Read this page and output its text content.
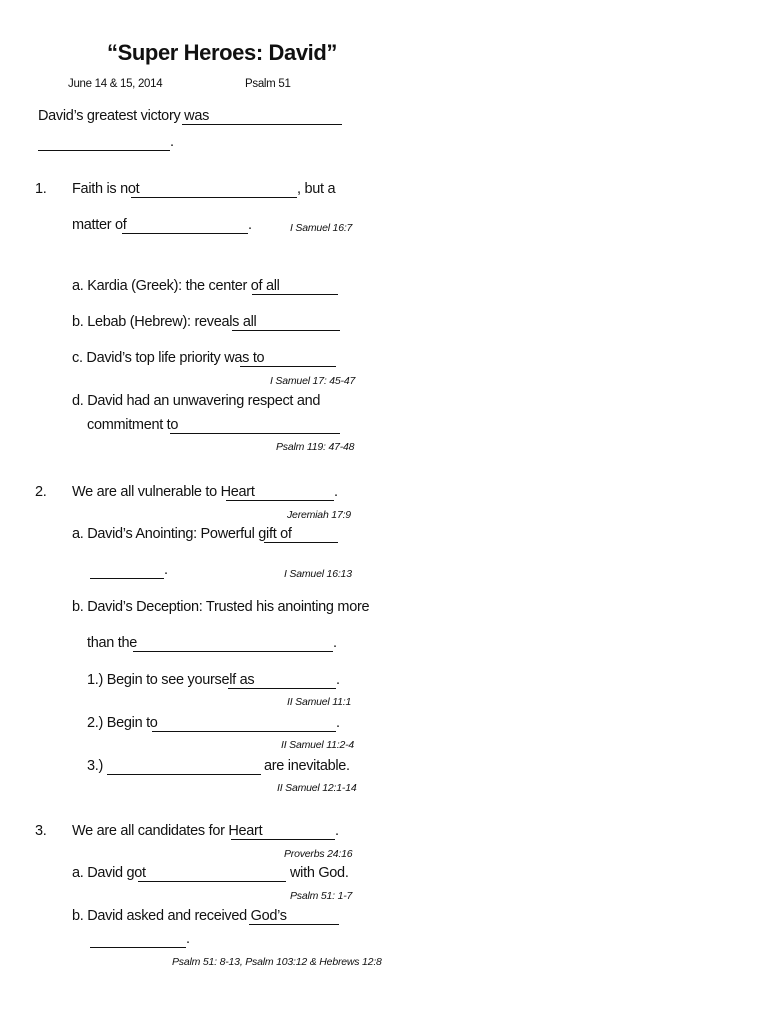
“Super Heroes: David”
June 14 & 15, 2014	Psalm 51
David’s greatest victory was
.
1. Faith is not	, but a
matter of	.	I Samuel 16:7
a. Kardia (Greek): the center of all
b. Lebab (Hebrew): reveals all
c. David’s top life priority was to
I Samuel 17: 45-47
d. David had an unwavering respect and
commitment to
Psalm 119: 47-48
2. We are all vulnerable to Heart	.
Jeremiah 17:9
a. David’s Anointing: Powerful gift of
.	I Samuel 16:13
b. David’s Deception: Trusted his anointing more
than the	.
1.) Begin to see yourself as	.
II Samuel 11:1
2.) Begin to	.
II Samuel 11:2-4
3.)	are inevitable.
II Samuel 12:1-14
3. We are all candidates for Heart	.
Proverbs 24:16
a. David got	with God.
Psalm 51: 1-7
b. David asked and received God’s
.
Psalm 51: 8-13, Psalm 103:12 & Hebrews 12:8
